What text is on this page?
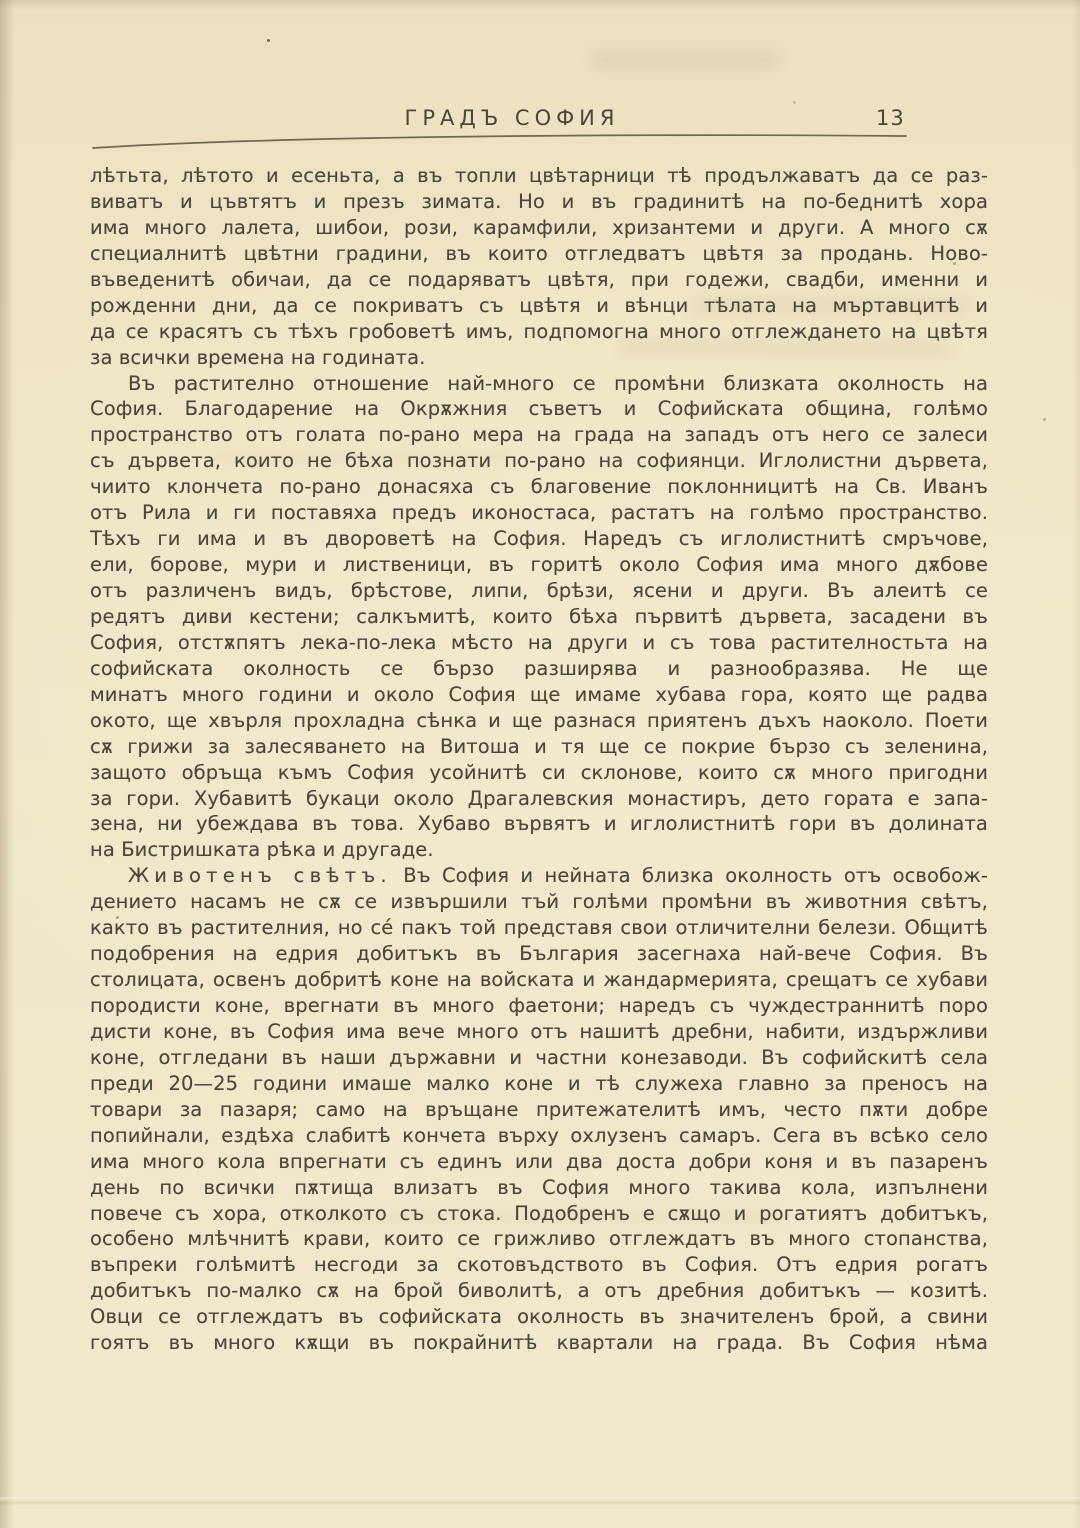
ГРАДЪ СОФИЯ	13
лѣтьта, лѣтото и есеньта, а въ топли цвѣтарници тѣ продължаватъ да се раз-
виватъ и цъвтятъ и презъ зимата. Но и въ градинитѣ на по-беднитѣ хора
има много лалета, шибои, рози, карамфили, хризантеми и други. А много сѫ
специалнитѣ цвѣтни градини, въ които отгледватъ цвѣтя за продань. Ново-
въведенитѣ обичаи, да се подаряватъ цвѣтя, при годежи, свадби, именни и
рожденни дни, да се покриватъ съ цвѣтя и вѣнци тѣлата на мъртавцитѣ и
да се красятъ съ тѣхъ гробоветѣ имъ, подпомогна много отглеждането на цвѣтя
за всички времена на годината.
Въ растително отношение най-много се промѣни близката околность на
София. Благодарение на Окрѫжния съветъ и Софийската община, голѣмо
пространство отъ голата по-рано мера на града на западъ отъ него се залеси
съ дървета, които не бѣха познати по-рано на софиянци. Иглолистни дървета,
чиито клончета по-рано донасяха съ благовение поклонницитѣ на Св. Иванъ
отъ Рила и ги поставяха предъ иконостаса, растатъ на голѣмо пространство.
Тѣхъ ги има и въ двороветѣ на София. Наредъ съ иглолистнитѣ смръчове,
ели, борове, мури и лиственици, въ горитѣ около София има много дѫбове
отъ различенъ видъ, брѣстове, липи, брѣзи, ясени и други. Въ алеитѣ се
редятъ диви кестени; салкъмитѣ, които бѣха първитѣ дървета, засадени въ
София, отстѫпятъ лека-по-лека мѣсто на други и съ това растителностьта на
софийската околность се бързо разширява и разнообразява. Не ще
минатъ много години и около София ще имаме хубава гора, която ще радва
окото, ще хвърля прохладна сѣнка и ще разнася приятенъ дъхъ наоколо. Поети
сѫ грижи за залесяването на Витоша и тя ще се покрие бързо съ зеленина,
защото обръща къмъ София усойнитѣ си склонове, които сѫ много пригодни
за гори. Хубавитѣ букаци около Драгалевския монастиръ, дето гората е запа-
зена, ни убеждава въ това. Хубаво вървятъ и иглолистнитѣ гори въ долината
на Бистришката рѣка и другаде.
Животенъ свѣтъ. Въ София и нейната близка околность отъ освобож-
дението насамъ не сѫ се извършили тъй голѣми промѣни въ животния свѣтъ,
както въ растителния, но сé пакъ той представя свои отличителни белези. Общитѣ
подобрения на едрия добитъкъ въ България засегнаха най-вече София. Въ
столицата, освенъ добритѣ коне на войската и жандармерията, срещатъ се хубави
породисти коне, врегнати въ много фаетони; наредъ съ чуждестраннитѣ поро
дисти коне, въ София има вече много отъ нашитѣ дребни, набити, издържливи
коне, отгледани въ наши държавни и частни конезаводи. Въ софийскитѣ села
преди 20—25 години имаше малко коне и тѣ служеха главно за преносъ на
товари за пазаря; само на връщане притежателитѣ имъ, често пѫти добре
попийнали, ездѣха слабитѣ кончета върху охлузенъ самаръ. Сега въ всѣко село
има много кола впрегнати съ единъ или два доста добри коня и въ пазаренъ
день по всички пѫтища влизатъ въ София много такива кола, изпълнени
повече съ хора, отколкото съ стока. Подобренъ е сѫщо и рогатиятъ добитъкъ,
особено млѣчнитѣ крави, които се грижливо отглеждатъ въ много стопанства,
въпреки голѣмитѣ несгоди за скотовъдството въ София. Отъ едрия рогатъ
добитъкъ по-малко сѫ на брой биволитѣ, а отъ дребния добитъкъ — козитѣ.
Овци се отглеждатъ въ софийската околность въ значителенъ брой, а свини
гоятъ въ много кѫщи въ покрайнитѣ квартали на града. Въ София нѣма
